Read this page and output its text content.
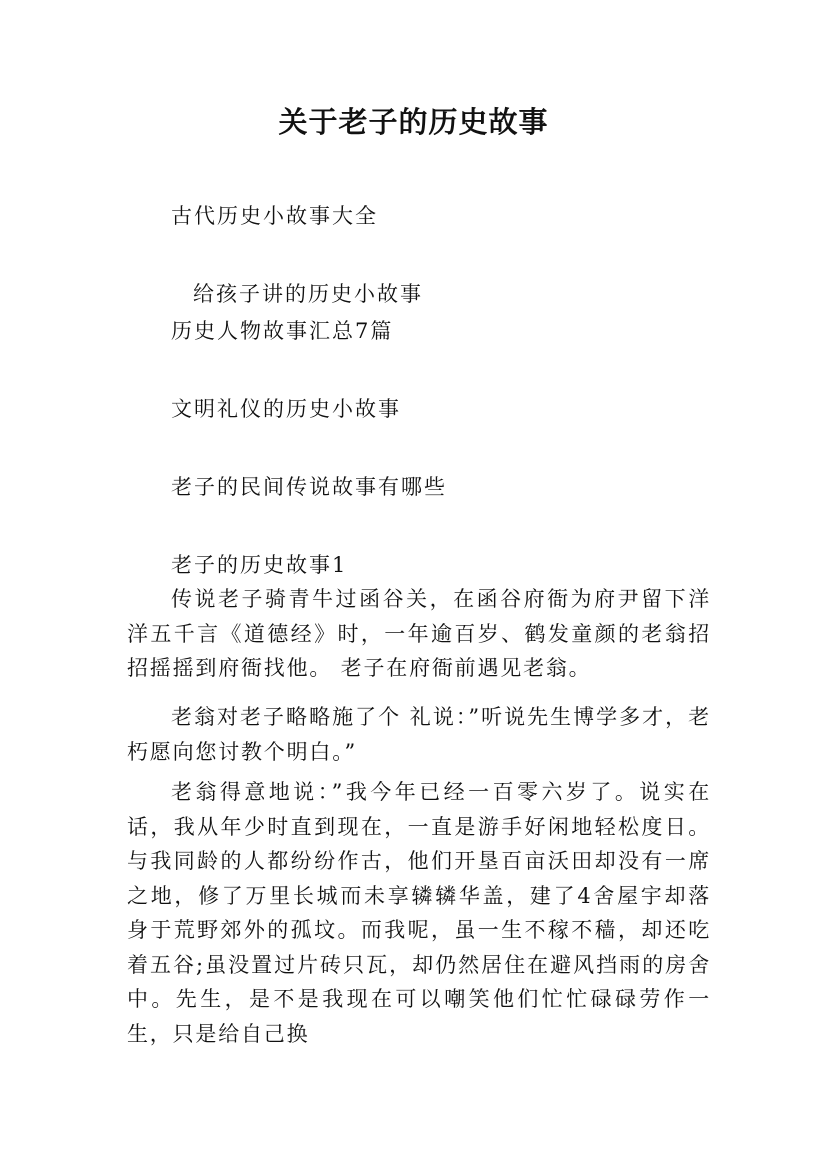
关于老子的历史故事
古代历史小故事大全
给孩子讲的历史小故事
历史人物故事汇总7篇
文明礼仪的历史小故事
老子的民间传说故事有哪些
老子的历史故事1
传说老子骑青牛过函谷关，在函谷府衙为府尹留下洋洋五千言《道德经》时，一年逾百岁、鹤发童颜的老翁招招摇摇到府衙找他。 老子在府衙前遇见老翁。
老翁对老子略略施了个 礼说：”听说先生博学多才，老朽愿向您讨教个明白。”
老翁得意地说：”我今年已经一百零六岁了。说实在话，我从年少时直到现在，一直是游手好闲地轻松度日。与我同龄的人都纷纷作古，他们开垦百亩沃田却没有一席之地，修了万里长城而未享辚辚华盖，建了4舍屋宇却落身于荒野郊外的孤坟。而我呢，虽一生不稼不穑，却还吃着五谷;虽没置过片砖只瓦，却仍然居住在避风挡雨的房舍中。先生，是不是我现在可以嘲笑他们忙忙碌碌劳作一生，只是给自己换
